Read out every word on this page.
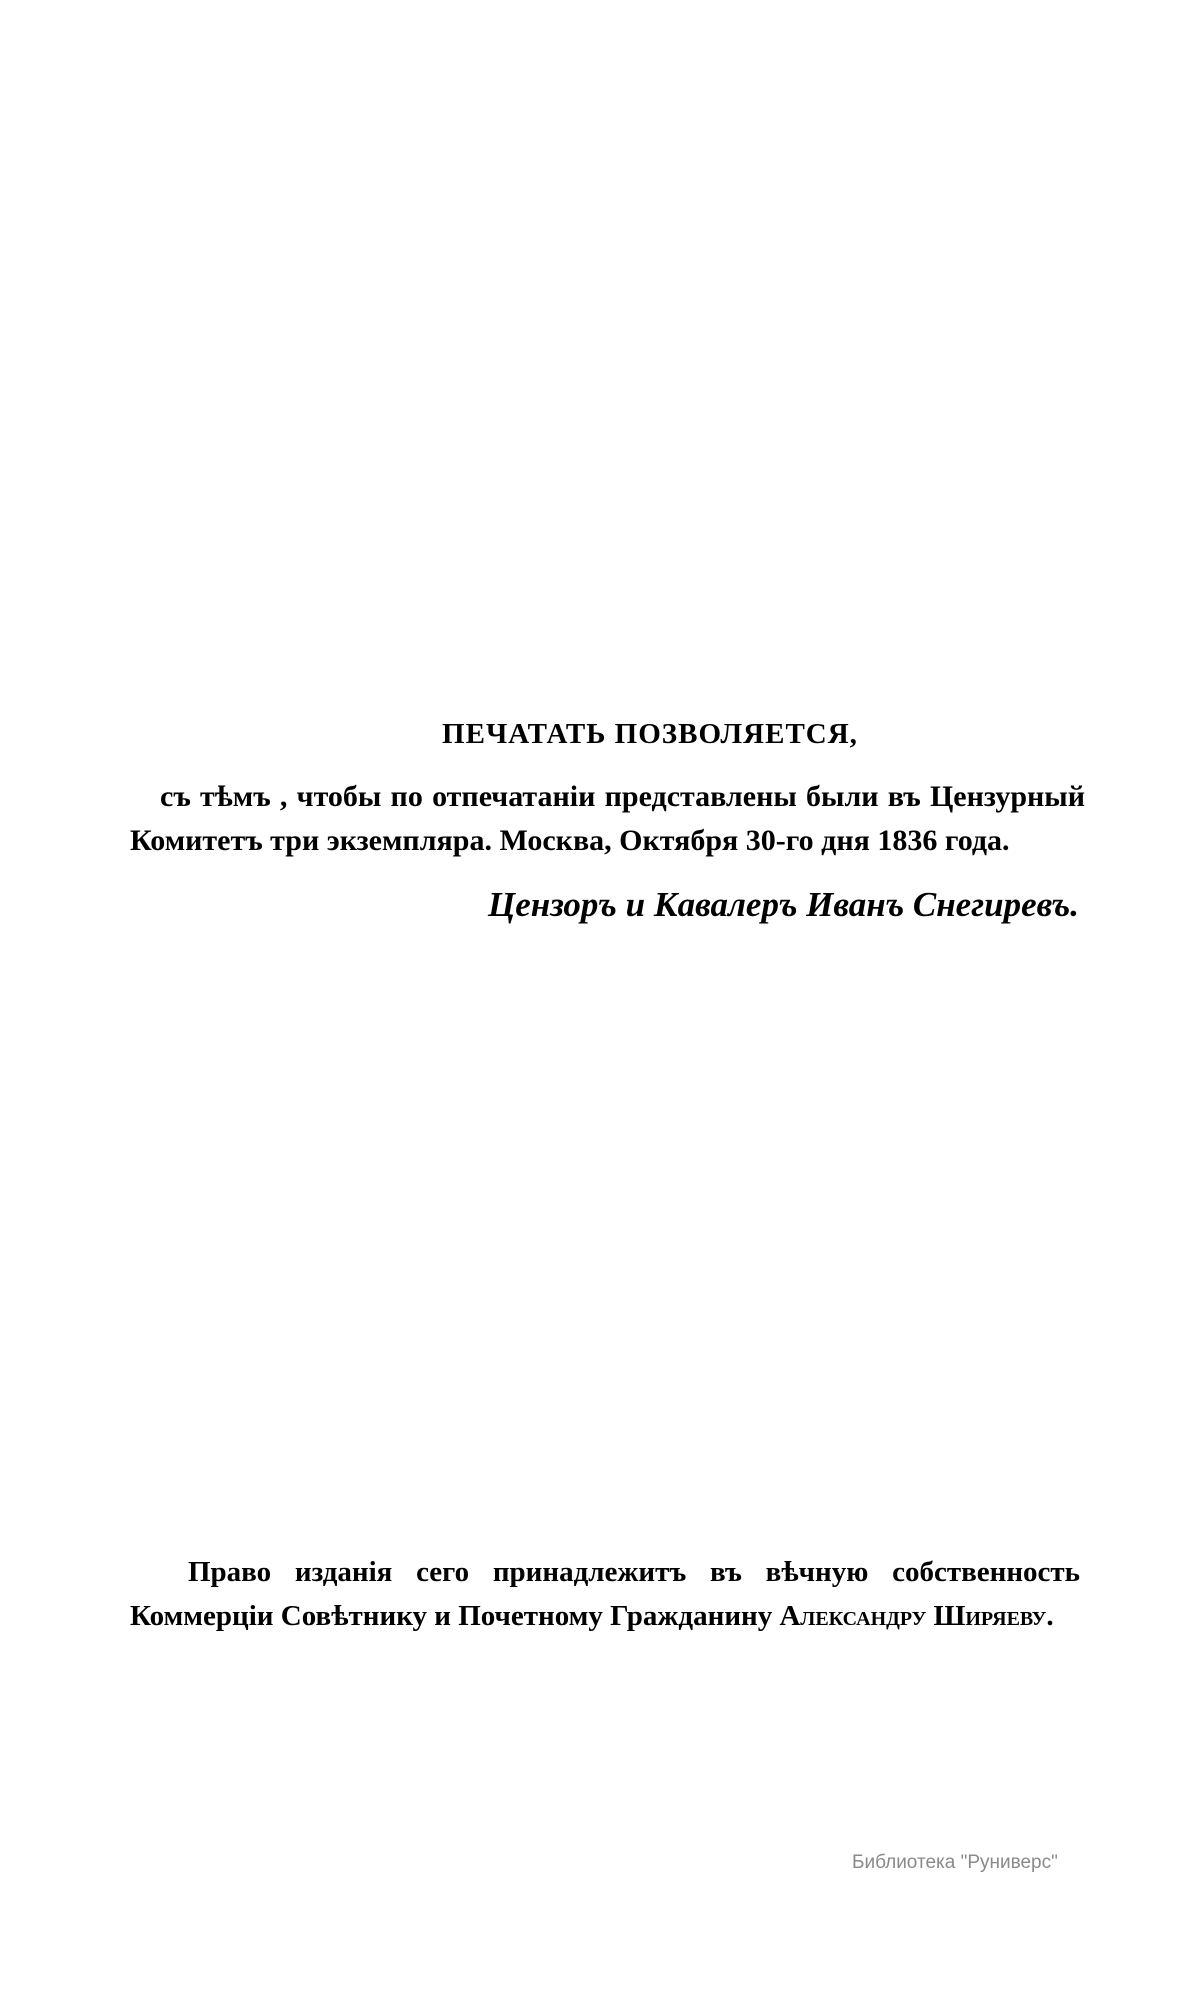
ПЕЧАТАТЬ ПОЗВОЛЯЕТСЯ,

съ тѣмъ , чтобы по отпечатанiи представлены были въ Цензурный Комитетъ три экземпляра. Москва, Октября 30-го дня 1836 года.

Цензоръ и Кавалеръ Иванъ Снегиревъ.

Право изданiя сего принадлежитъ въ вѣчную собственность Коммерцiи Совѣтнику и Почетному Гражданину Александру Ширяеву.

Библиотека "Руниверс"
